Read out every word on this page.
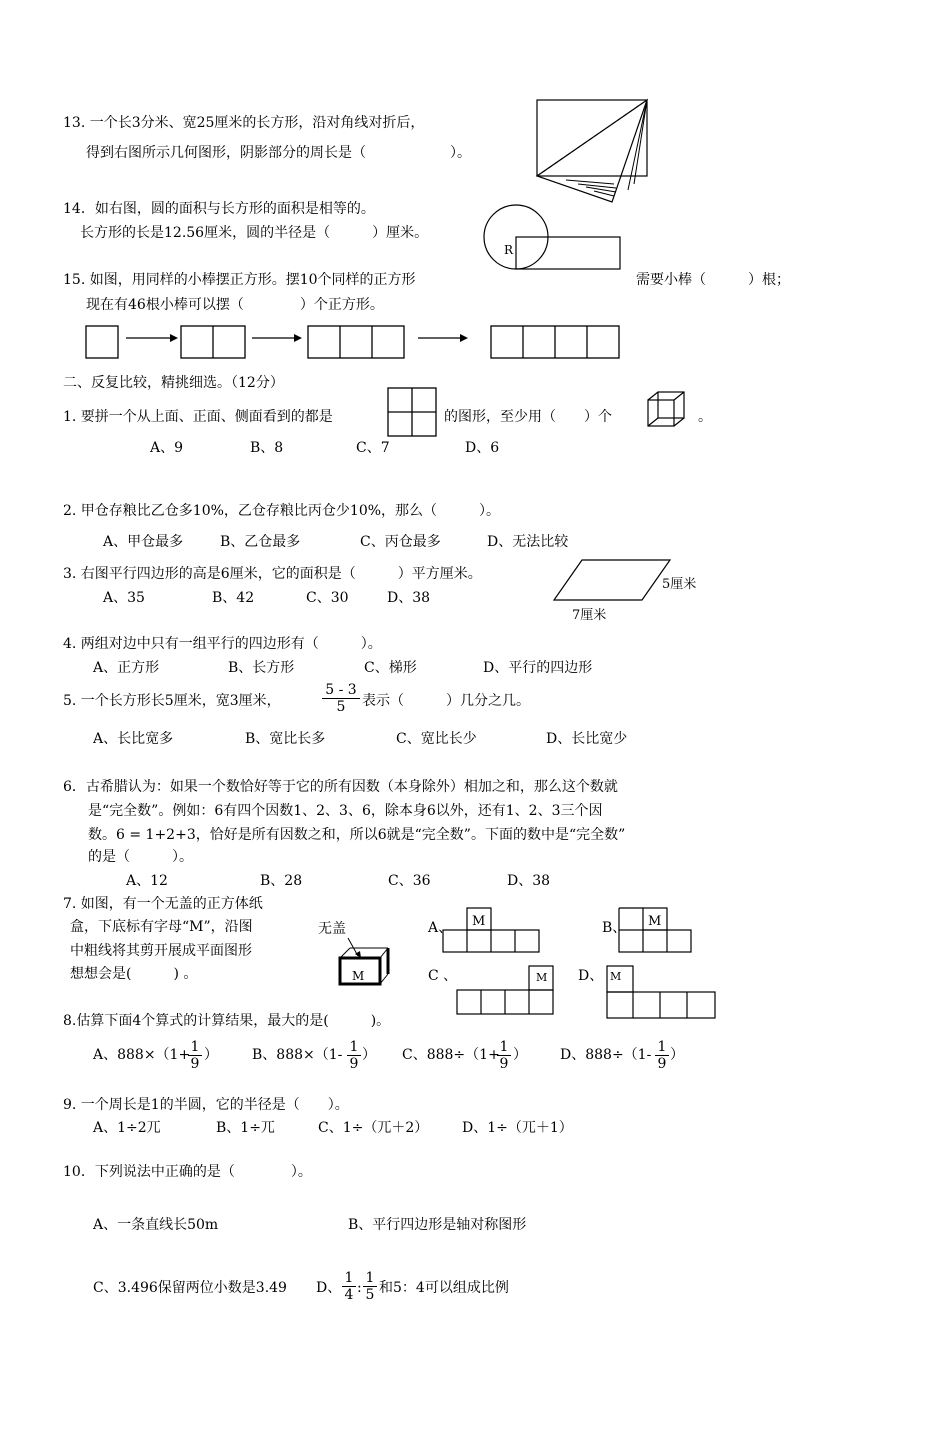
13. 一个长3分米、宽25厘米的长方形，沿对角线对折后，
得到右图所示几何图形，阴影部分的周长是（　　　　　　）。
14．如右图，圆的面积与长方形的面积是相等的。
长方形的长是12.56厘米，圆的半径是（　　　）厘米。
R
15. 如图，用同样的小棒摆正方形。摆10个同样的正方形	需要小棒（　　　）根；
现在有46根小棒可以摆（　　　　）个正方形。
二、反复比较，精挑细选。（12分）
1. 要拼一个从上面、正面、侧面看到的都是	的图形，至少用（　　）个	。
A、9	B、8	C、7	D、6
2. 甲仓存粮比乙仓多10%，乙仓存粮比丙仓少10%，那么（　　　）。
A、甲仓最多	B、乙仓最多	C、丙仓最多	D、无法比较
3. 右图平行四边形的高是6厘米，它的面积是（　　　）平方厘米。
A、35	B、42	C、30	D、38
5厘米
7厘米
4. 两组对边中只有一组平行的四边形有（　　　）。
A、正方形	B、长方形	C、梯形	D、平行的四边形
5. 一个长方形长5厘米，宽3厘米，	$\frac{5 - 3}{5}$ 表示（　　　）几分之几。
A、长比宽多	B、宽比长多	C、宽比长少	D、长比宽少
6．古希腊认为：如果一个数恰好等于它的所有因数（本身除外）相加之和，那么这个数就
是“完全数”。例如：6有四个因数1、2、3、6，除本身6以外，还有1、2、3三个因
数。6 = 1+2+3，恰好是所有因数之和，所以6就是“完全数”。下面的数中是“完全数”
的是（　　　）。
A、12	B、28	C、36	D、38
7. 如图，有一个无盖的正方体纸
盒，下底标有字母“M”，沿图
中粗线将其剪开展成平面图形
想想会是(　　　) 。
无盖
M
A、 M	B、 M
C 、	M D、 M
8.估算下面4个算式的计算结果，最大的是(　　　)。
A、888×（1+
$\frac{1}{9}$ ） B、$888\times(1- \frac{1}{9}$ ） C、888÷（1+
$\frac{1}{9}$ ） D、$888\div(1- \frac{1}{9}$ ）
9. 一个周长是1的半圆，它的半径是（　　）。
A、1÷2兀	B、1÷兀	C、1÷（兀＋2） D、1÷（兀＋1）
10．下列说法中正确的是（　　　　）。
A、一条直线长50m	B、平行四边形是轴对称图形
C、3.496保留两位小数是3.49 D、 $\frac{1}{4}$ : $\frac{1}{5}$ 和5：4可以组成比例
